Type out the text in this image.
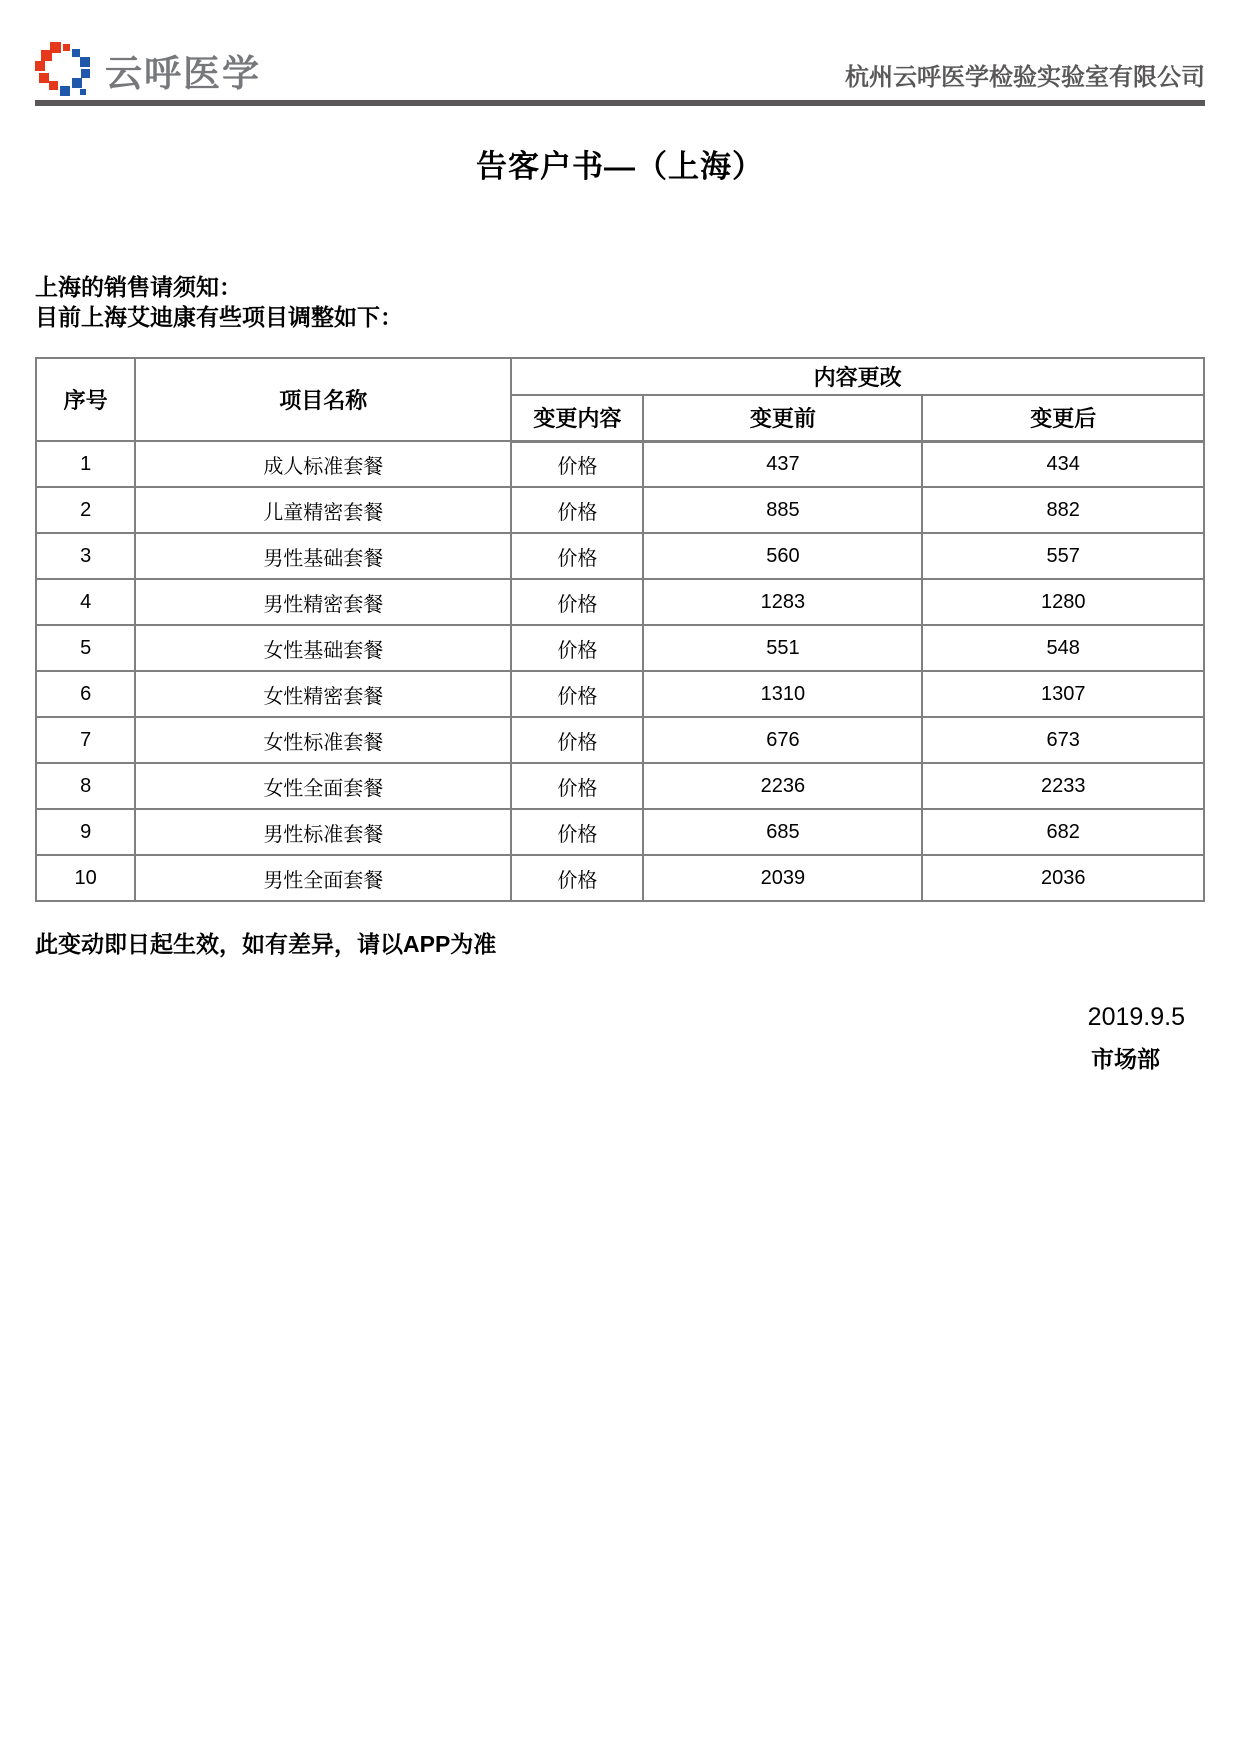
云呼医学	杭州云呼医学检验实验室有限公司
告客户书—（上海）
上海的销售请须知：
目前上海艾迪康有些项目调整如下：
序号	项目名称	内容更改		
		变更内容	变更前	变更后
1	成人标准套餐	价格	437	434
2	儿童精密套餐	价格	885	882
3	男性基础套餐	价格	560	557
4	男性精密套餐	价格	1283	1280
5	女性基础套餐	价格	551	548
6	女性精密套餐	价格	1310	1307
7	女性标准套餐	价格	676	673
8	女性全面套餐	价格	2236	2233
9	男性标准套餐	价格	685	682
10	男性全面套餐	价格	2039	2036
此变动即日起生效，如有差异，请以APP为准
2019.9.5
市场部
